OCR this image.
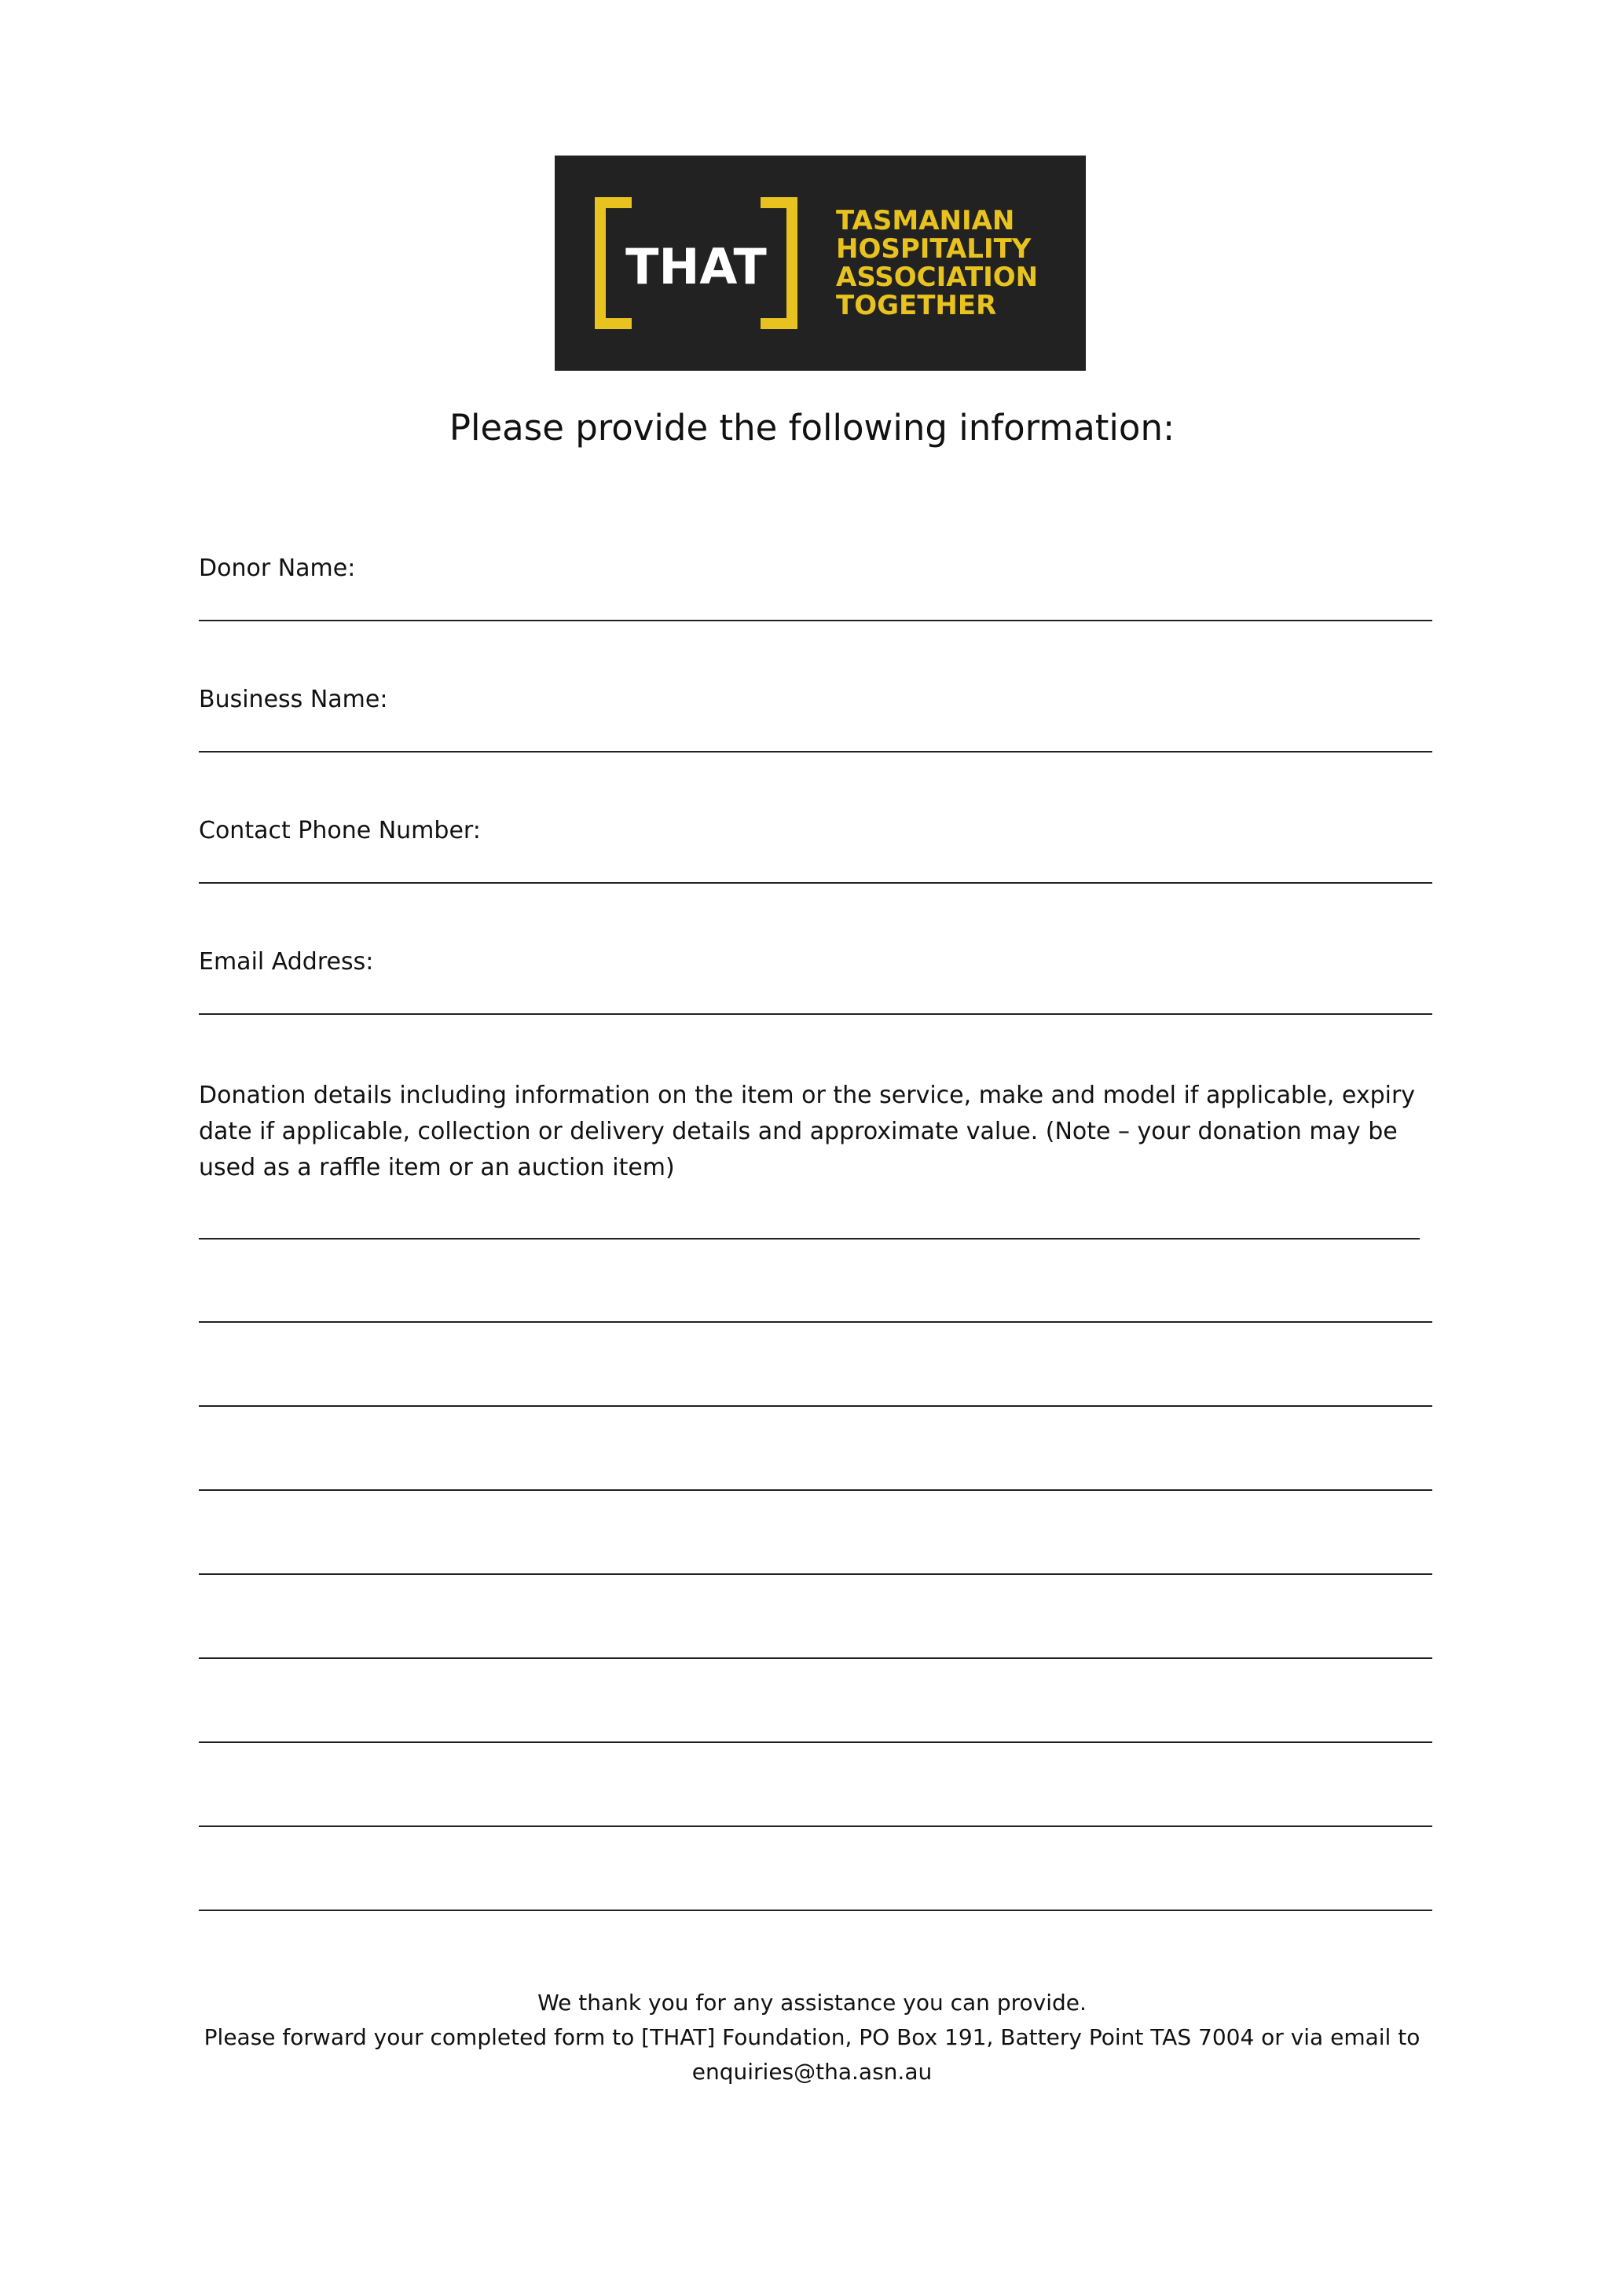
THAT
TASMANIAN
HOSPITALITY
ASSOCIATION
TOGETHER
Please provide the following information:
Donor Name:
Business Name:
Contact Phone Number:
Email Address:
Donation details including information on the item or the service, make and model if applicable, expiry date if applicable, collection or delivery details and approximate value. (Note – your donation may be used as a raffle item or an auction item)
We thank you for any assistance you can provide.
Please forward your completed form to [THAT] Foundation, PO Box 191, Battery Point TAS 7004 or via email to
enquiries@tha.asn.au
